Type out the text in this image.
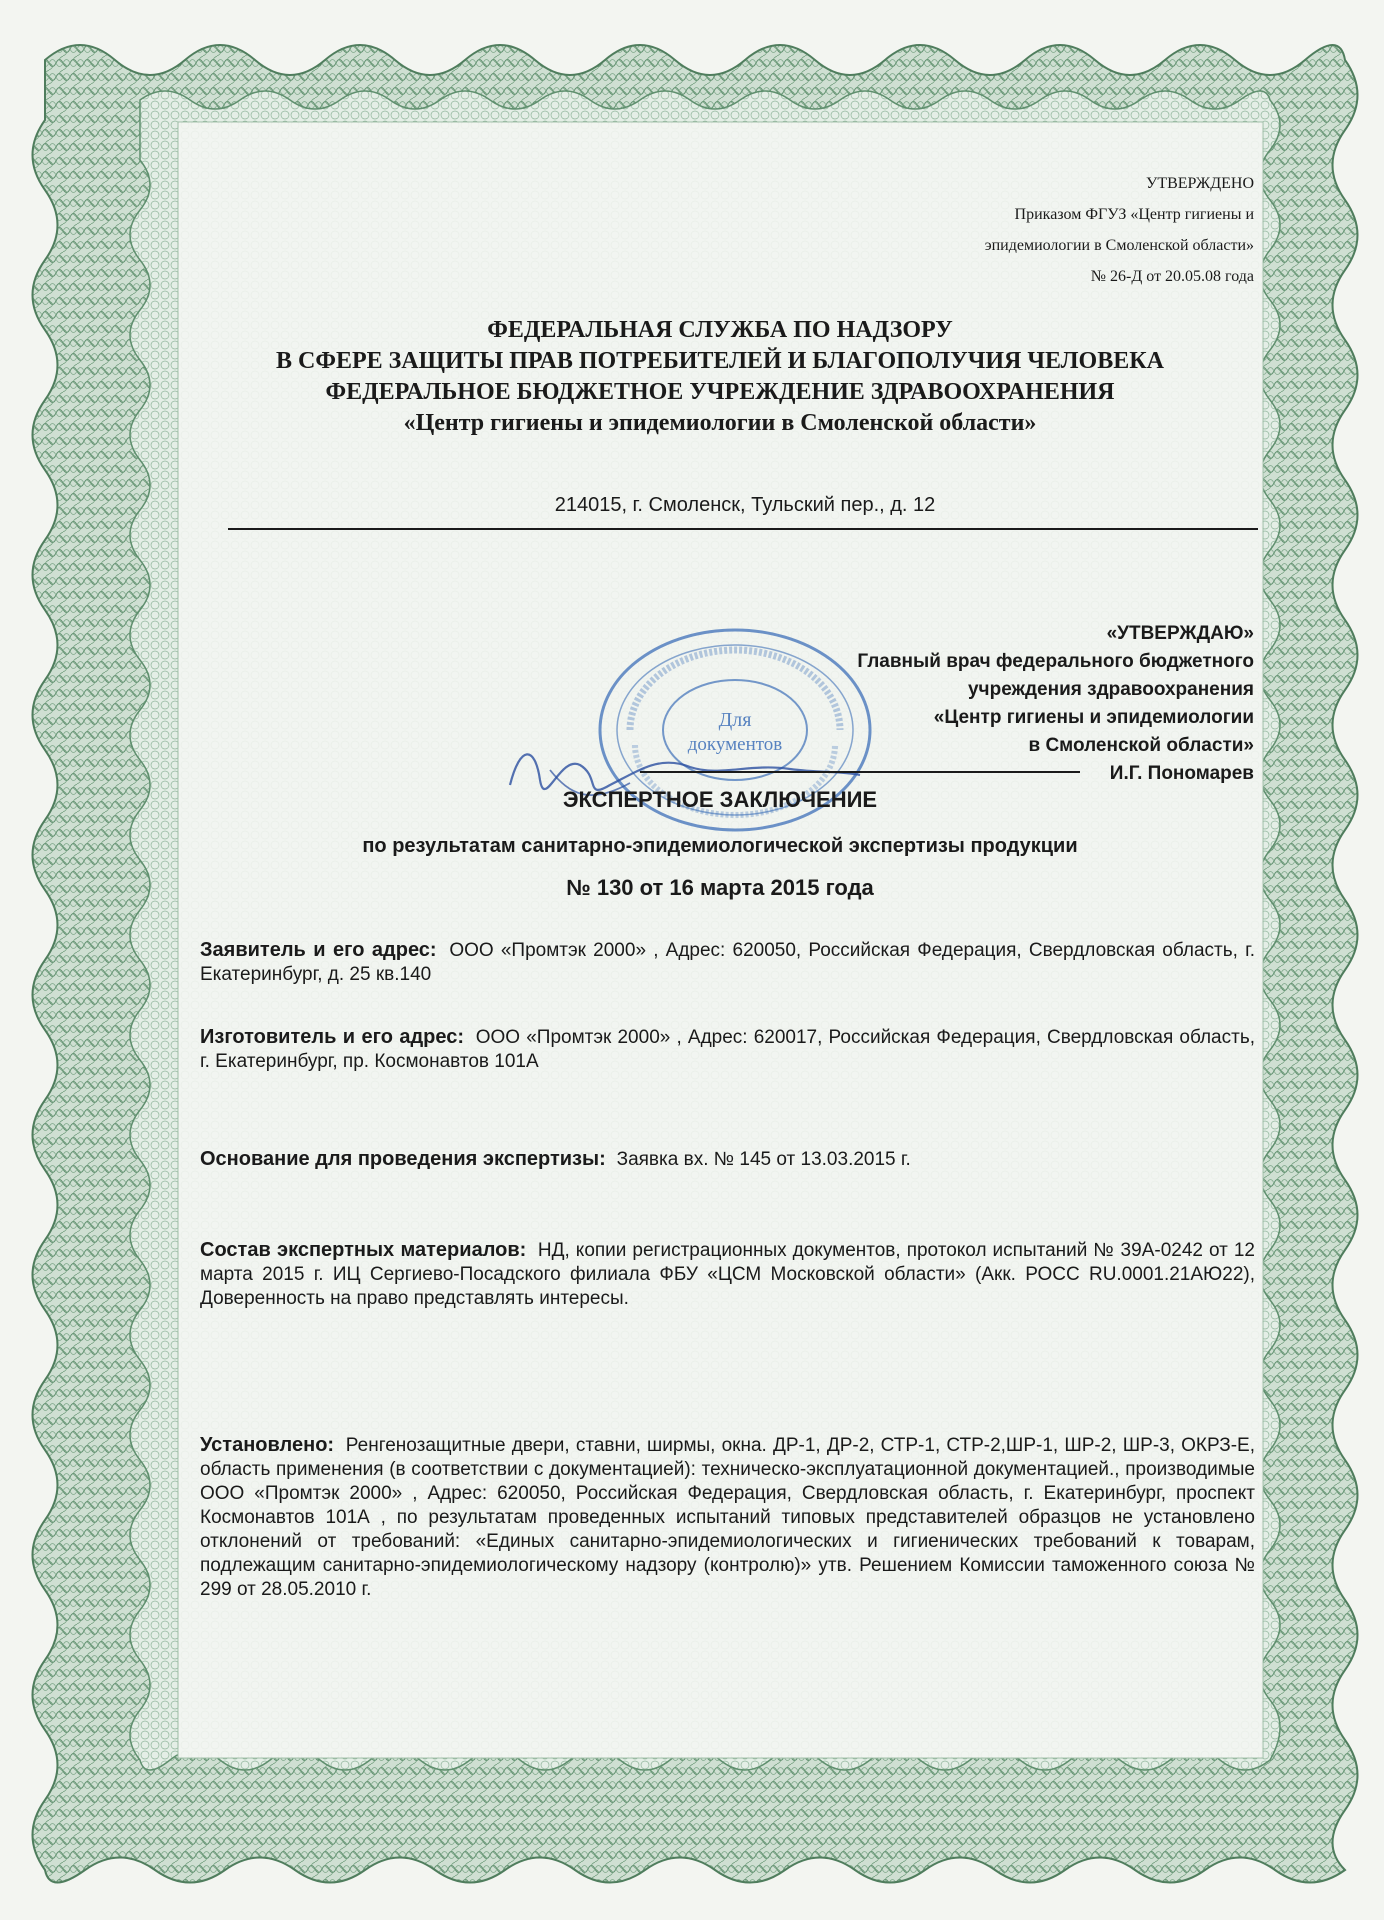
УТВЕРЖДЕНО
Приказом ФГУЗ «Центр гигиены и
эпидемиологии в Смоленской области»
№ 26-Д от 20.05.08 года
ФЕДЕРАЛЬНАЯ СЛУЖБА ПО НАДЗОРУ
В СФЕРЕ ЗАЩИТЫ ПРАВ ПОТРЕБИТЕЛЕЙ И БЛАГОПОЛУЧИЯ ЧЕЛОВЕКА
ФЕДЕРАЛЬНОЕ БЮДЖЕТНОЕ УЧРЕЖДЕНИЕ ЗДРАВООХРАНЕНИЯ
«Центр гигиены и эпидемиологии в Смоленской области»
214015, г. Смоленск, Тульский пер., д. 12
Для
документов
«УТВЕРЖДАЮ»
Главный врач федерального бюджетного
учреждения здравоохранения
«Центр гигиены и эпидемиологии
в Смоленской области»
И.Г. Пономарев
ЭКСПЕРТНОЕ ЗАКЛЮЧЕНИЕ
по результатам санитарно-эпидемиологической экспертизы продукции
№ 130 от 16 марта 2015 года
Заявитель и его адрес: ООО «Промтэк 2000» , Адрес: 620050, Российская Федерация, Свердловская область, г. Екатеринбург, д. 25 кв.140
Изготовитель и его адрес: ООО «Промтэк 2000» , Адрес: 620017, Российская Федерация, Свердловская область, г. Екатеринбург, пр. Космонавтов 101А
Основание для проведения экспертизы: Заявка вх. № 145 от 13.03.2015 г.
Состав экспертных материалов: НД, копии регистрационных документов, протокол испытаний № 39А-0242 от 12 марта 2015 г. ИЦ Сергиево-Посадского филиала ФБУ «ЦСМ Московской области» (Акк. РОСС RU.0001.21АЮ22), Доверенность на право представлять интересы.
Установлено: Ренгенозащитные двери, ставни, ширмы, окна. ДР-1, ДР-2, СТР-1, СТР-2,ШР-1, ШР-2, ШР-3, ОКРЗ-Е, область применения (в соответствии с документацией): техническо-эксплуатационной документацией., производимые ООО «Промтэк 2000» , Адрес: 620050, Российская Федерация, Свердловская область, г. Екатеринбург, проспект Космонавтов 101А , по результатам проведенных испытаний типовых представителей образцов не установлено отклонений от требований: «Единых санитарно-эпидемиологических и гигиенических требований к товарам, подлежащим санитарно-эпидемиологическому надзору (контролю)» утв. Решением Комиссии таможенного союза № 299 от 28.05.2010 г.
